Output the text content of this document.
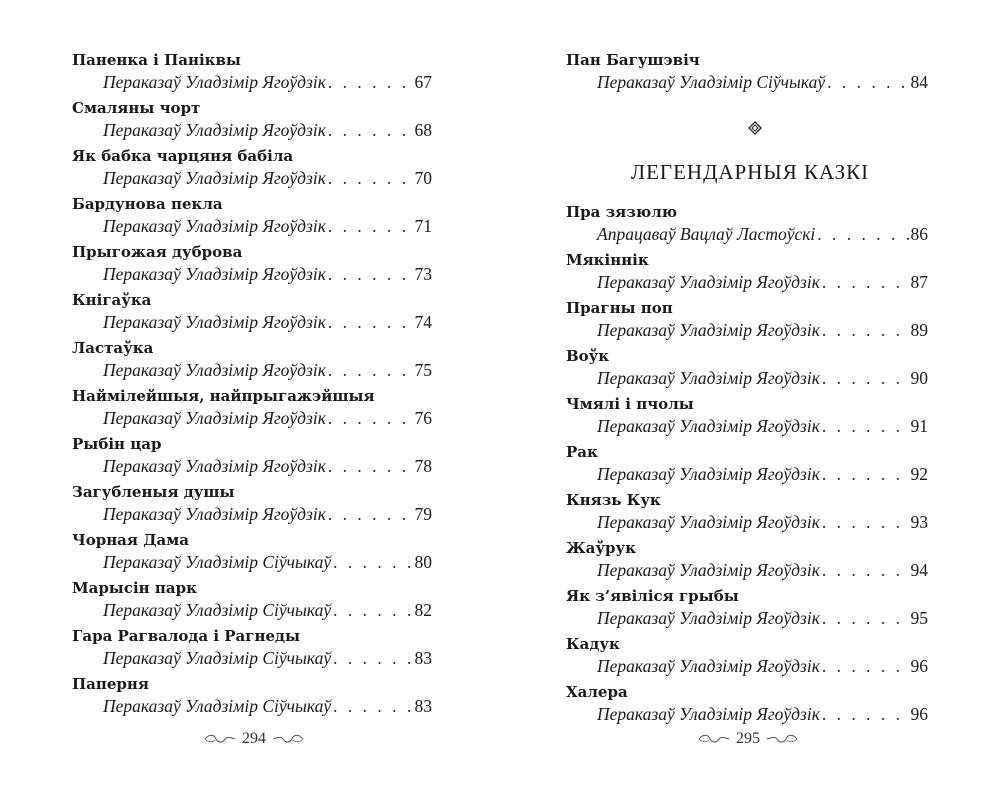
Паненка і Паніквы
Пераказаў Уладзімір Ягоўдзік . . .	67
Смаляны чорт
Пераказаў Уладзімір Ягоўдзік . . .	68
Як бабка чарцяня бабіла
Пераказаў Уладзімір Ягоўдзік . . .	70
Бардунова пекла
Пераказаў Уладзімір Ягоўдзік . . .	71
Прыгожая дуброва
Пераказаў Уладзімір Ягоўдзік . . .	73
Кнігаўка
Пераказаў Уладзімір Ягоўдзік . . .	74
Ластаўка
Пераказаў Уладзімір Ягоўдзік . . .	75
Наймілейшыя, найпрыгажэйшыя
Пераказаў Уладзімір Ягоўдзік . . .	76
Рыбін цар
Пераказаў Уладзімір Ягоўдзік . . .	78
Загубленыя душы
Пераказаў Уладзімір Ягоўдзік . . .	79
Чорная Дама
Пераказаў Уладзімір Сіўчыкаў . . .	80
Марысін парк
Пераказаў Уладзімір Сіўчыкаў . . .	82
Гара Рагвалода і Рагнеды
Пераказаў Уладзімір Сіўчыкаў . . .	83
Паперня
Пераказаў Уладзімір Сіўчыкаў . . .	83
294
Пан Багушэвіч
Пераказаў Уладзімір Сіўчыкаў . . .	84
ЛЕГЕНДАРНЫЯ КАЗКІ
Пра зязюлю
Апрацаваў Вацлаў Ластоўскі . . .	86
Мякіннік
Пераказаў Уладзімір Ягоўдзік . . .	87
Прагны поп
Пераказаў Уладзімір Ягоўдзік . . .	89
Воўк
Пераказаў Уладзімір Ягоўдзік . . .	90
Чмялі і пчолы
Пераказаў Уладзімір Ягоўдзік . . .	91
Рак
Пераказаў Уладзімір Ягоўдзік . . .	92
Князь Кук
Пераказаў Уладзімір Ягоўдзік . . .	93
Жаўрук
Пераказаў Уладзімір Ягоўдзік . . .	94
Як з’явіліся грыбы
Пераказаў Уладзімір Ягоўдзік . . .	95
Кадук
Пераказаў Уладзімір Ягоўдзік . . .	96
Халера
Пераказаў Уладзімір Ягоўдзік . . .	96
295
